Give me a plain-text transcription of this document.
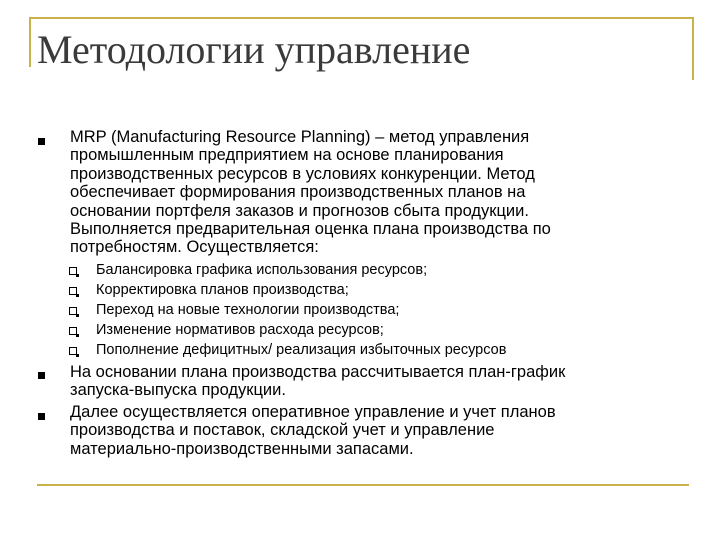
Методологии управление
MRP (Manufacturing Resource Planning) – метод управления
промышленным предприятием на основе планирования
производственных ресурсов в условиях конкуренции. Метод
обеспечивает формирования производственных планов на
основании портфеля заказов и прогнозов сбыта продукции.
Выполняется предварительная оценка плана производства по
потребностям. Осуществляется:

Балансировка графика использования ресурсов;

Корректировка планов производства;

Переход на новые технологии производства;

Изменение нормативов расхода ресурсов;

Пополнение дефицитных/ реализация избыточных ресурсов

На основании плана производства рассчитывается план-график
запуска-выпуска продукции.
Далее осуществляется оперативное управление и учет планов
производства и поставок, складской учет и управление
материально-производственными запасами.
